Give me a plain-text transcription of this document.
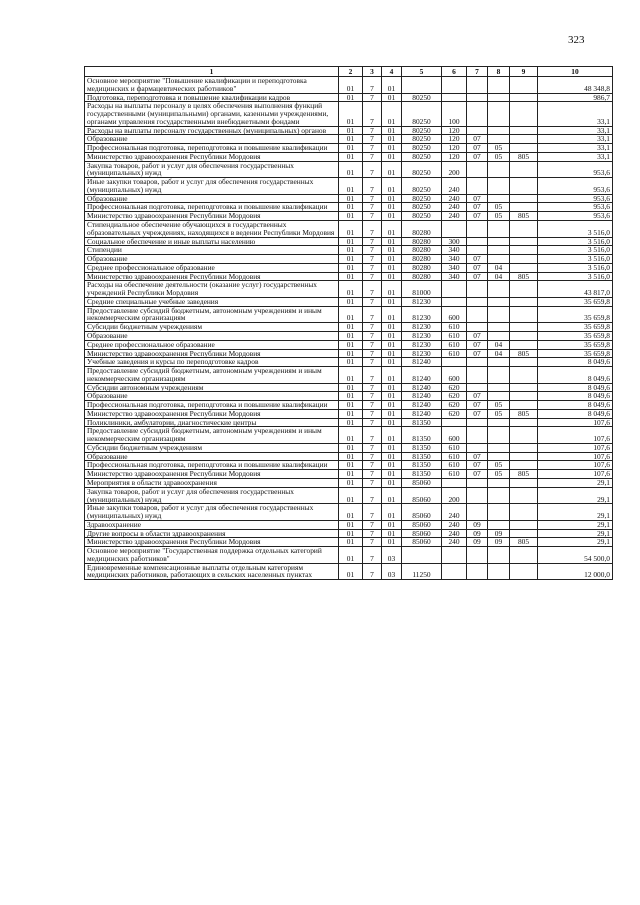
323
1	2	3	4	5	6	7	8	9	10
Основное мероприятие "Повышение квалификации и переподготовка медицинских и фармацевтических работников"	01	7	01						48 348,8
Подготовка, переподготовка и повышение квалификации кадров	01	7	01	80250					986,7
Расходы на выплаты персоналу в целях обеспечения выполнения функций государственными (муниципальными) органами, казенными учреждениями, органами управления государственными внебюджетными фондами	01	7	01	80250	100				33,1
Расходы на выплаты персоналу государственных (муниципальных) органов	01	7	01	80250	120				33,1
Образование	01	7	01	80250	120	07			33,1
Профессиональная подготовка, переподготовка и повышение квалификации	01	7	01	80250	120	07	05		33,1
Министерство здравоохранения Республики Мордовия	01	7	01	80250	120	07	05	805	33,1
Закупка товаров, работ и услуг для обеспечения государственных (муниципальных) нужд	01	7	01	80250	200				953,6
Иные закупки товаров, работ и услуг для обеспечения государственных (муниципальных) нужд	01	7	01	80250	240				953,6
Образование	01	7	01	80250	240	07			953,6
Профессиональная подготовка, переподготовка и повышение квалификации	01	7	01	80250	240	07	05		953,6
Министерство здравоохранения Республики Мордовия	01	7	01	80250	240	07	05	805	953,6
Стипендиальное обеспечение обучающихся в государственных образовательных учреждениях, находящихся в ведении Республики Мордовия	01	7	01	80280					3 516,0
Социальное обеспечение и иные выплаты населению	01	7	01	80280	300				3 516,0
Стипендии	01	7	01	80280	340				3 516,0
Образование	01	7	01	80280	340	07			3 516,0
Среднее профессиональное образование	01	7	01	80280	340	07	04		3 516,0
Министерство здравоохранения Республики Мордовия	01	7	01	80280	340	07	04	805	3 516,0
Расходы на обеспечение деятельности (оказание услуг) государственных учреждений Республики Мордовия	01	7	01	81000					43 817,0
Средние специальные учебные заведения	01	7	01	81230					35 659,8
Предоставление субсидий бюджетным, автономным учреждениям и иным некоммерческим организациям	01	7	01	81230	600				35 659,8
Субсидии бюджетным учреждениям	01	7	01	81230	610				35 659,8
Образование	01	7	01	81230	610	07			35 659,8
Среднее профессиональное образование	01	7	01	81230	610	07	04		35 659,8
Министерство здравоохранения Республики Мордовия	01	7	01	81230	610	07	04	805	35 659,8
Учебные заведения и курсы по переподготовке кадров	01	7	01	81240					8 049,6
Предоставление субсидий бюджетным, автономным учреждениям и иным некоммерческим организациям	01	7	01	81240	600				8 049,6
Субсидии автономным учреждениям	01	7	01	81240	620				8 049,6
Образование	01	7	01	81240	620	07			8 049,6
Профессиональная подготовка, переподготовка и повышение квалификации	01	7	01	81240	620	07	05		8 049,6
Министерство здравоохранения Республики Мордовия	01	7	01	81240	620	07	05	805	8 049,6
Поликлиники, амбулатории, диагностические центры	01	7	01	81350					107,6
Предоставление субсидий бюджетным, автономным учреждениям и иным некоммерческим организациям	01	7	01	81350	600				107,6
Субсидии бюджетным учреждениям	01	7	01	81350	610				107,6
Образование	01	7	01	81350	610	07			107,6
Профессиональная подготовка, переподготовка и повышение квалификации	01	7	01	81350	610	07	05		107,6
Министерство здравоохранения Республики Мордовия	01	7	01	81350	610	07	05	805	107,6
Мероприятия в области здравоохранения	01	7	01	85060					29,1
Закупка товаров, работ и услуг для обеспечения государственных (муниципальных) нужд	01	7	01	85060	200				29,1
Иные закупки товаров, работ и услуг для обеспечения государственных (муниципальных) нужд	01	7	01	85060	240				29,1
Здравоохранение	01	7	01	85060	240	09			29,1
Другие вопросы в области здравоохранения	01	7	01	85060	240	09	09		29,1
Министерство здравоохранения Республики Мордовия	01	7	01	85060	240	09	09	805	29,1
Основное мероприятие "Государственная поддержка отдельных категорий медицинских работников"	01	7	03						54 500,0
Единовременные компенсационные выплаты отдельным категориям медицинских работников, работающих в сельских населенных пунктах	01	7	03	11250					12 000,0
